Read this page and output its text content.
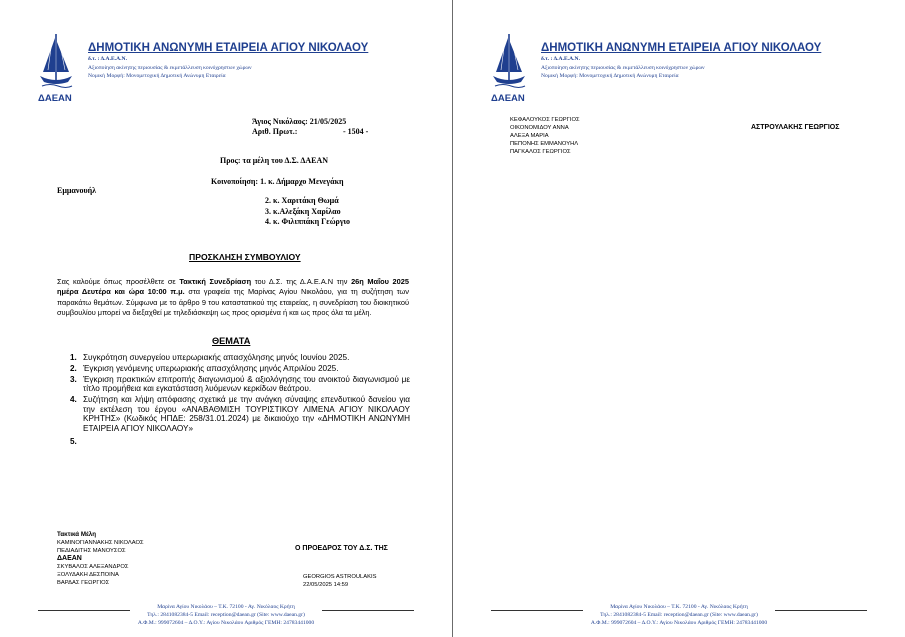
ΔΑΕΑΝ
ΔΗΜΟΤΙΚΗ ΑΝΩΝΥΜΗ ΕΤΑΙΡΕΙΑ ΑΓΙΟΥ ΝΙΚΟΛΑΟΥ
δ.τ. : Δ.Α.Ε.Α.Ν.
Αξιοποίηση ακίνητης περιουσίας & εκμετάλλευση κοινόχρηστων χώρων
Νομική Μορφή: Μονομετοχική Δημοτική Ανώνυμη Εταιρεία
Άγιος Νικόλαος: 21/05/2025
Αριθ. Πρωτ.:	- 1504 -
Προς: τα μέλη του Δ.Σ. ΔΑΕΑΝ
Κοινοποίηση: 1. κ. Δήμαρχο Μενεγάκη
Εμμανουήλ
2. κ. Χαριτάκη Θωμά
3. κ.Αλεξάκη Χαρίλαο
4. κ. Φιλιππάκη Γεώργιο
ΠΡΟΣΚΛΗΣΗ ΣΥΜΒΟΥΛΙΟΥ
Σας καλούμε όπως προσέλθετε σε Τακτική Συνεδρίαση του Δ.Σ. της Δ.Α.Ε.Α.Ν την 26η Μαΐου 2025 ημέρα Δευτέρα και ώρα 10:00 π.μ. στα γραφεία της Μαρίνας Αγίου Νικολάου, για τη συζήτηση των παρακάτω θεμάτων. Σύμφωνα με το άρθρο 9 του καταστατικού της εταιρείας, η συνεδρίαση του διοικητικού συμβουλίου μπορεί να διεξαχθεί με τηλεδιάσκεψη ως προς ορισμένα ή και ως προς όλα τα μέλη.
ΘΕΜΑΤΑ
1. Συγκρότηση συνεργείου υπερωριακής απασχόλησης μηνός Ιουνίου 2025.
2. Έγκριση γενόμενης υπερωριακής απασχόλησης μηνός Απριλίου 2025.
3. Έγκριση πρακτικών επιτροπής διαγωνισμού & αξιολόγησης του ανοικτού διαγωνισμού με τίτλο προμήθεια και εγκατάσταση λυόμενων κερκίδων θεάτρου.
4. Συζήτηση και λήψη απόφασης σχετικά με την ανάγκη σύναψης επενδυτικού δανείου για την εκτέλεση του έργου «ΑΝΑΒΑΘΜΙΣΗ ΤΟΥΡΙΣΤΙΚΟΥ ΛΙΜΕΝΑ ΑΓΙΟΥ ΝΙΚΟΛΑΟΥ ΚΡΗΤΗΣ» (Κωδικός ΗΠΔΕ: 258/31.01.2024) με δικαιούχο την «ΔΗΜΟΤΙΚΗ ΑΝΩΝΥΜΗ ΕΤΑΙΡΕΙΑ ΑΓΙΟΥ ΝΙΚΟΛΑΟΥ»
5.
Τακτικά Μέλη
ΚΑΜΙΝΟΓΙΑΝΝΑΚΗΣ ΝΙΚΟΛΑΟΣ
ΠΕΔΙΑΔΙΤΗΣ ΜΑΝΟΥΣΟΣ
ΔΑΕΑΝ
ΣΚΥΒΑΛΟΣ ΑΛΕΞΑΝΔΡΟΣ
ΞΟΛΥΔΑΚΗ ΔΕΣΠΟΙΝΑ
ΒΑΡΔΑΣ ΓΕΩΡΓΙΟΣ
Ο ΠΡΟΕΔΡΟΣ ΤΟΥ Δ.Σ. ΤΗΣ
GEORGIOS ASTROULAKIS
22/05/2025 14:59
Μαρίνα Αγίου Νικολάου – Τ.Κ. 72100 - Αγ. Νικόλαος Κρήτη
Τηλ.: 2841082384-5 Email: reception@daean.gr (Site: www.daean.gr)
Α.Φ.Μ.: 999072604 – Δ.Ο.Υ.: Αγίου Νικολάου Αριθμός ΓΕΜΗ: 24783441000
ΔΑΕΑΝ
ΔΗΜΟΤΙΚΗ ΑΝΩΝΥΜΗ ΕΤΑΙΡΕΙΑ ΑΓΙΟΥ ΝΙΚΟΛΑΟΥ
δ.τ. : Δ.Α.Ε.Α.Ν.
Αξιοποίηση ακίνητης περιουσίας & εκμετάλλευση κοινόχρηστων χώρων
Νομική Μορφή: Μονομετοχική Δημοτική Ανώνυμη Εταιρεία
ΚΕΦΑΛΟΥΚΟΣ ΓΕΩΡΓΙΟΣ
ΟΙΚΟΝΟΜΙΔΟΥ ΑΝΝΑ
ΑΛΕΞΑ ΜΑΡΙΑ
ΠΕΠΟΝΗΣ ΕΜΜΑΝΟΥΗΛ
ΠΑΓΚΑΛΟΣ ΓΕΩΡΓΙΟΣ
ΑΣΤΡΟΥΛΑΚΗΣ ΓΕΩΡΓΙΟΣ
Μαρίνα Αγίου Νικολάου – Τ.Κ. 72100 - Αγ. Νικόλαος Κρήτη
Τηλ.: 2841082384-5 Email: reception@daean.gr (Site: www.daean.gr)
Α.Φ.Μ.: 999072604 – Δ.Ο.Υ.: Αγίου Νικολάου Αριθμός ΓΕΜΗ: 24783441000
